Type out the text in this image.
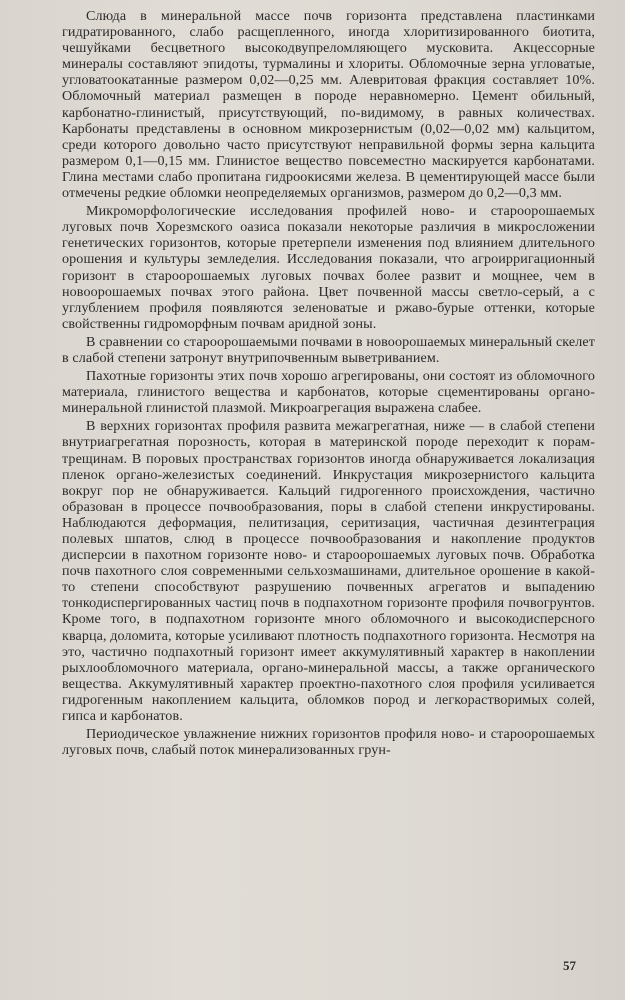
Слюда в минеральной массе почв горизонта представлена пластинками гидратированного, слабо расщепленного, иногда хлоритизированного биотита, чешуйками бесцветного высокодвупреломляющего мусковита. Акцессорные минералы составляют эпидоты, турмалины и хлориты. Обломочные зерна угловатые, угловатоокатанные размером 0,02—0,25 мм. Алевритовая фракция составляет 10%. Обломочный материал размещен в породе неравномерно. Цемент обильный, карбонатно-глинистый, присутствующий, по-видимому, в равных количествах. Карбонаты представлены в основном микрозернистым (0,02—0,02 мм) кальцитом, среди которого довольно часто присутствуют неправильной формы зерна кальцита размером 0,1—0,15 мм. Глинистое вещество повсеместно маскируется карбонатами. Глина местами слабо пропитана гидроокисями железа. В цементирующей массе были отмечены редкие обломки неопределяемых организмов, размером до 0,2—0,3 мм.

Микроморфологические исследования профилей ново- и староорошаемых луговых почв Хорезмского оазиса показали некоторые различия в микросложении генетических горизонтов, которые претерпели изменения под влиянием длительного орошения и культуры земледелия. Исследования показали, что агроирригационный горизонт в староорошаемых луговых почвах более развит и мощнее, чем в новоорошаемых почвах этого района. Цвет почвенной массы светло-серый, а с углублением профиля появляются зеленоватые и ржаво-бурые оттенки, которые свойственны гидроморфным почвам аридной зоны.

В сравнении со староорошаемыми почвами в новоорошаемых минеральный скелет в слабой степени затронут внутрипочвенным выветриванием.

Пахотные горизонты этих почв хорошо агрегированы, они состоят из обломочного материала, глинистого вещества и карбонатов, которые сцементированы органо-минеральной глинистой плазмой. Микроагрегация выражена слабее.

В верхних горизонтах профиля развита межагрегатная, ниже — в слабой степени внутриагрегатная порозность, которая в материнской породе переходит к порам-трещинам. В поровых пространствах горизонтов иногда обнаруживается локализация пленок органо-железистых соединений. Инкрустация микрозернистого кальцита вокруг пор не обнаруживается. Кальций гидрогенного происхождения, частично образован в процессе почвообразования, поры в слабой степени инкрустированы. Наблюдаются деформация, пелитизация, серитизация, частичная дезинтеграция полевых шпатов, слюд в процессе почвообразования и накопление продуктов дисперсии в пахотном горизонте ново- и староорошаемых луговых почв. Обработка почв пахотного слоя современными сельхозмашинами, длительное орошение в какой-то степени способствуют разрушению почвенных агрегатов и выпадению тонкодиспергированных частиц почв в подпахотном горизонте профиля почвогрунтов. Кроме того, в подпахотном горизонте много обломочного и высокодисперсного кварца, доломита, которые усиливают плотность подпахотного горизонта. Несмотря на это, частично подпахотный горизонт имеет аккумулятивный характер в накоплении рыхлообломочного материала, органо-минеральной массы, а также органического вещества. Аккумулятивный характер проектно-пахотного слоя профиля усиливается гидрогенным накоплением кальцита, обломков пород и легкорастворимых солей, гипса и карбонатов.

Периодическое увлажнение нижних горизонтов профиля ново- и староорошаемых луговых почв, слабый поток минерализованных грун-

57
